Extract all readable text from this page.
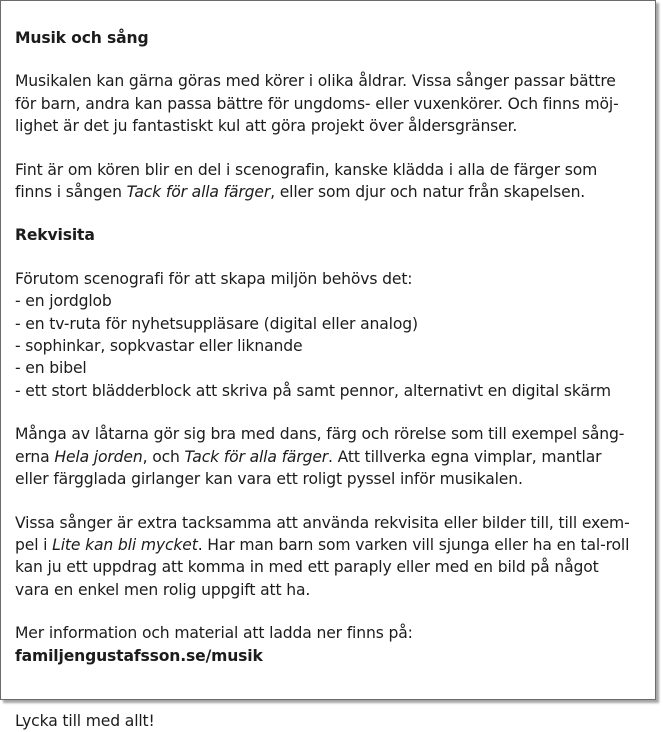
Musik och sång

Musikalen kan gärna göras med körer i olika åldrar. Vissa sånger passar bättre
för barn, andra kan passa bättre för ungdoms- eller vuxenkörer. Och finns möj-
lighet är det ju fantastiskt kul att göra projekt över åldersgränser.

Fint är om kören blir en del i scenografin, kanske klädda i alla de färger som
finns i sången Tack för alla färger, eller som djur och natur från skapelsen.

Rekvisita

Förutom scenografi för att skapa miljön behövs det:

- en jordglob

- en tv-ruta för nyhetsuppläsare (digital eller analog)

- sophinkar, sopkvastar eller liknande

- en bibel

- ett stort blädderblock att skriva på samt pennor, alternativt en digital skärm

Många av låtarna gör sig bra med dans, färg och rörelse som till exempel sång-
erna Hela jorden, och Tack för alla färger. Att tillverka egna vimplar, mantlar
eller färgglada girlanger kan vara ett roligt pyssel inför musikalen.

Vissa sånger är extra tacksamma att använda rekvisita eller bilder till, till exem-
pel i Lite kan bli mycket. Har man barn som varken vill sjunga eller ha en tal-roll
kan ju ett uppdrag att komma in med ett paraply eller med en bild på något
vara en enkel men rolig uppgift att ha.

Mer information och material att ladda ner finns på:

familjengustafsson.se/musik

Lycka till med allt!
